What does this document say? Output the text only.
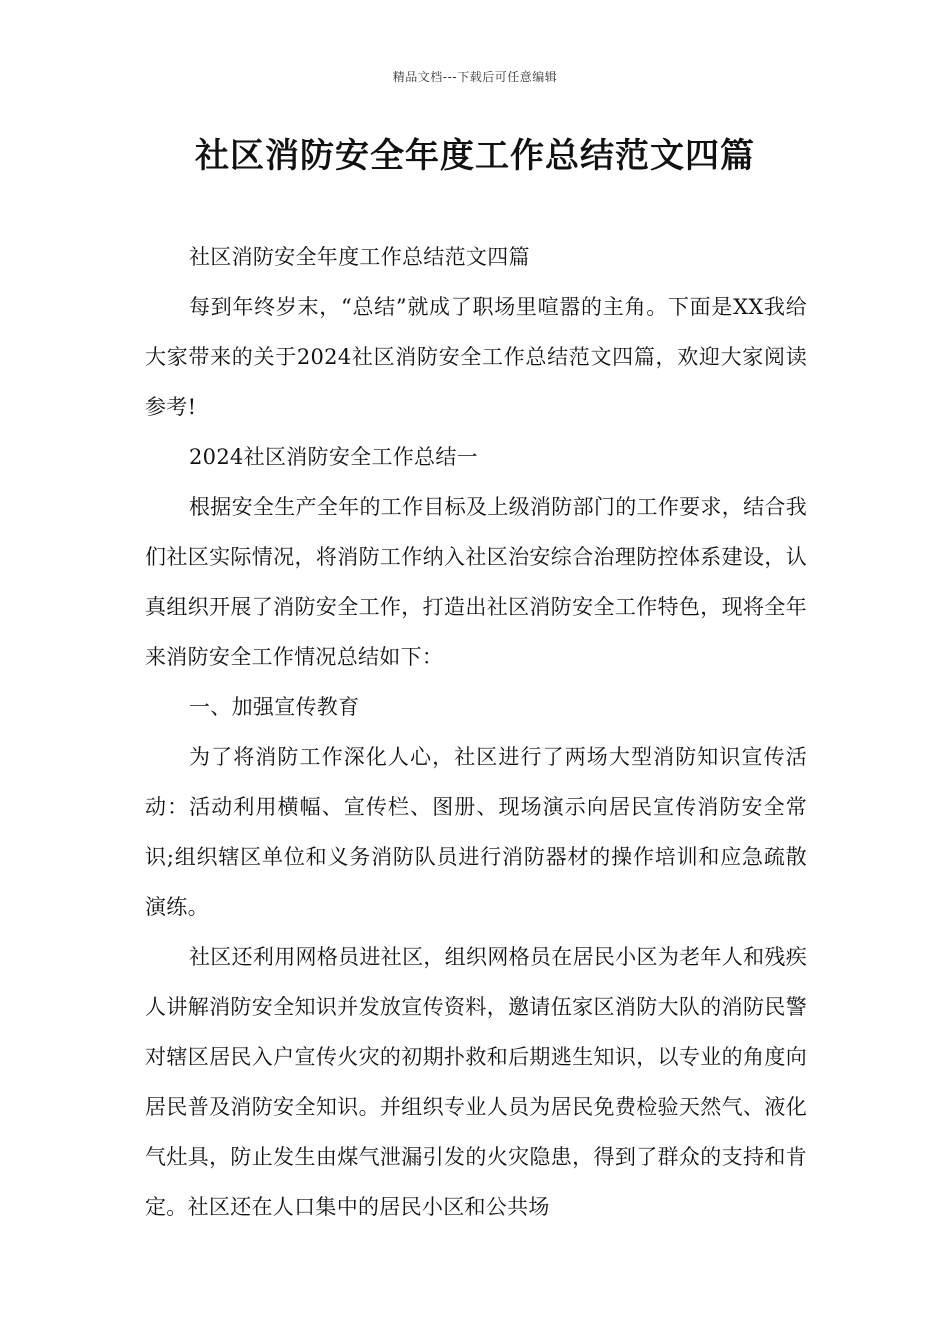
精品文档---下载后可任意编辑
社区消防安全年度工作总结范文四篇

社区消防安全年度工作总结范文四篇

每到年终岁末，“总结”就成了职场里喧嚣的主角。下面是XX我给大家带来的关于2024社区消防安全工作总结范文四篇，欢迎大家阅读参考!

2024社区消防安全工作总结一

根据安全生产全年的工作目标及上级消防部门的工作要求，结合我们社区实际情况，将消防工作纳入社区治安综合治理防控体系建设，认真组织开展了消防安全工作，打造出社区消防安全工作特色，现将全年来消防安全工作情况总结如下：

一、加强宣传教育

为了将消防工作深化人心，社区进行了两场大型消防知识宣传活动：活动利用横幅、宣传栏、图册、现场演示向居民宣传消防安全常识;组织辖区单位和义务消防队员进行消防器材的操作培训和应急疏散演练。

社区还利用网格员进社区，组织网格员在居民小区为老年人和残疾人讲解消防安全知识并发放宣传资料，邀请伍家区消防大队的消防民警对辖区居民入户宣传火灾的初期扑救和后期逃生知识，以专业的角度向居民普及消防安全知识。并组织专业人员为居民免费检验天然气、液化气灶具，防止发生由煤气泄漏引发的火灾隐患，得到了群众的支持和肯定。社区还在人口集中的居民小区和公共场
